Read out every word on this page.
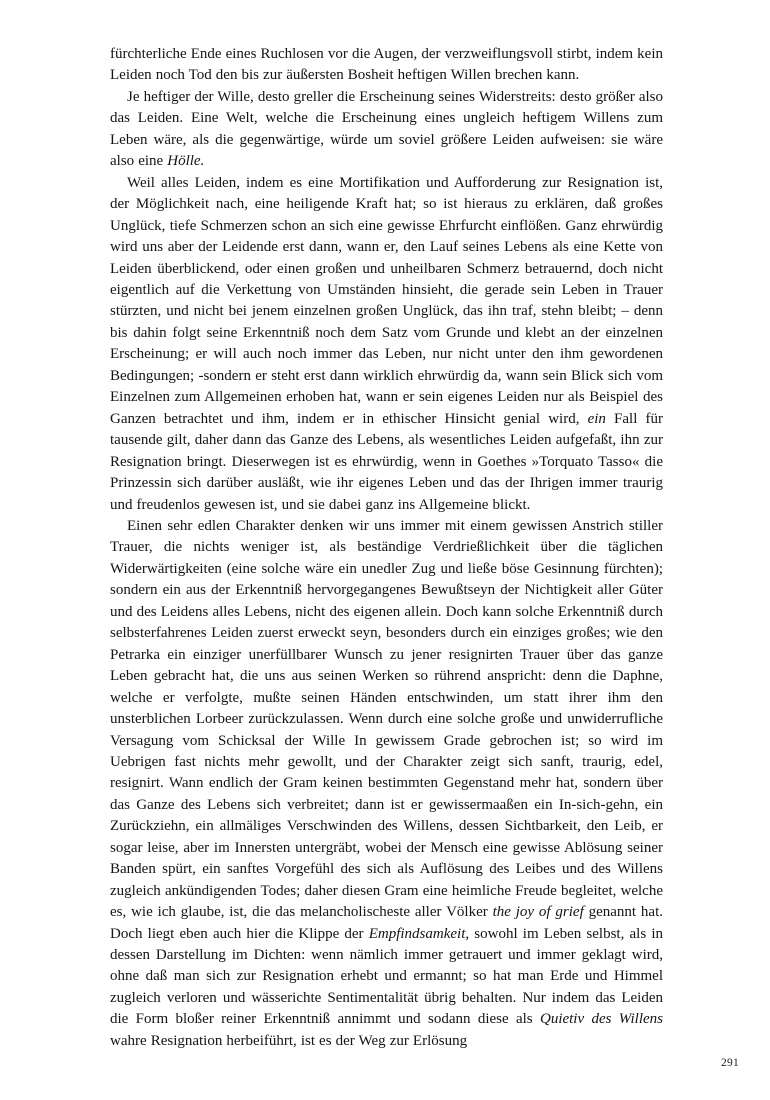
fürchterliche Ende eines Ruchlosen vor die Augen, der verzweiflungsvoll stirbt, indem kein Leiden noch Tod den bis zur äußersten Bosheit heftigen Willen brechen kann.

Je heftiger der Wille, desto greller die Erscheinung seines Widerstreits: desto größer also das Leiden. Eine Welt, welche die Erscheinung eines ungleich heftigem Willens zum Leben wäre, als die gegenwärtige, würde um soviel größere Leiden aufweisen: sie wäre also eine Hölle.

Weil alles Leiden, indem es eine Mortifikation und Aufforderung zur Resignation ist, der Möglichkeit nach, eine heiligende Kraft hat; so ist hieraus zu erklären, daß großes Unglück, tiefe Schmerzen schon an sich eine gewisse Ehrfurcht einflößen. Ganz ehrwürdig wird uns aber der Leidende erst dann, wann er, den Lauf seines Lebens als eine Kette von Leiden überblickend, oder einen großen und unheilbaren Schmerz betrauernd, doch nicht eigentlich auf die Verkettung von Umständen hinsieht, die gerade sein Leben in Trauer stürzten, und nicht bei jenem einzelnen großen Unglück, das ihn traf, stehn bleibt; – denn bis dahin folgt seine Erkenntniß noch dem Satz vom Grunde und klebt an der einzelnen Erscheinung; er will auch noch immer das Leben, nur nicht unter den ihm gewordenen Bedingungen; -sondern er steht erst dann wirklich ehrwürdig da, wann sein Blick sich vom Einzelnen zum Allgemeinen erhoben hat, wann er sein eigenes Leiden nur als Beispiel des Ganzen betrachtet und ihm, indem er in ethischer Hinsicht genial wird, ein Fall für tausende gilt, daher dann das Ganze des Lebens, als wesentliches Leiden aufgefaßt, ihn zur Resignation bringt. Dieserwegen ist es ehrwürdig, wenn in Goethes »Torquato Tasso« die Prinzessin sich darüber ausläßt, wie ihr eigenes Leben und das der Ihrigen immer traurig und freudenlos gewesen ist, und sie dabei ganz ins Allgemeine blickt.

Einen sehr edlen Charakter denken wir uns immer mit einem gewissen Anstrich stiller Trauer, die nichts weniger ist, als beständige Verdrießlichkeit über die täglichen Widerwärtigkeiten (eine solche wäre ein unedler Zug und ließe böse Gesinnung fürchten); sondern ein aus der Erkenntniß hervorgegangenes Bewußtseyn der Nichtigkeit aller Güter und des Leidens alles Lebens, nicht des eigenen allein. Doch kann solche Erkenntniß durch selbsterfahrenes Leiden zuerst erweckt seyn, besonders durch ein einziges großes; wie den Petrarka ein einziger unerfüllbarer Wunsch zu jener resignirten Trauer über das ganze Leben gebracht hat, die uns aus seinen Werken so rührend anspricht: denn die Daphne, welche er verfolgte, mußte seinen Händen entschwinden, um statt ihrer ihm den unsterblichen Lorbeer zurückzulassen. Wenn durch eine solche große und unwiderrufliche Versagung vom Schicksal der Wille In gewissem Grade gebrochen ist; so wird im Uebrigen fast nichts mehr gewollt, und der Charakter zeigt sich sanft, traurig, edel, resignirt. Wann endlich der Gram keinen bestimmten Gegenstand mehr hat, sondern über das Ganze des Lebens sich verbreitet; dann ist er gewissermaaßen ein In-sich-gehn, ein Zurückziehn, ein allmäliges Verschwinden des Willens, dessen Sichtbarkeit, den Leib, er sogar leise, aber im Innersten untergräbt, wobei der Mensch eine gewisse Ablösung seiner Banden spürt, ein sanftes Vorgefühl des sich als Auflösung des Leibes und des Willens zugleich ankündigenden Todes; daher diesen Gram eine heimliche Freude begleitet, welche es, wie ich glaube, ist, die das melancholischeste aller Völker the joy of grief genannt hat. Doch liegt eben auch hier die Klippe der Empfindsamkeit, sowohl im Leben selbst, als in dessen Darstellung im Dichten: wenn nämlich immer getrauert und immer geklagt wird, ohne daß man sich zur Resignation erhebt und ermannt; so hat man Erde und Himmel zugleich verloren und wässerichte Sentimentalität übrig behalten. Nur indem das Leiden die Form bloßer reiner Erkenntniß annimmt und sodann diese als Quietiv des Willens wahre Resignation herbeiführt, ist es der Weg zur Erlösung

291
